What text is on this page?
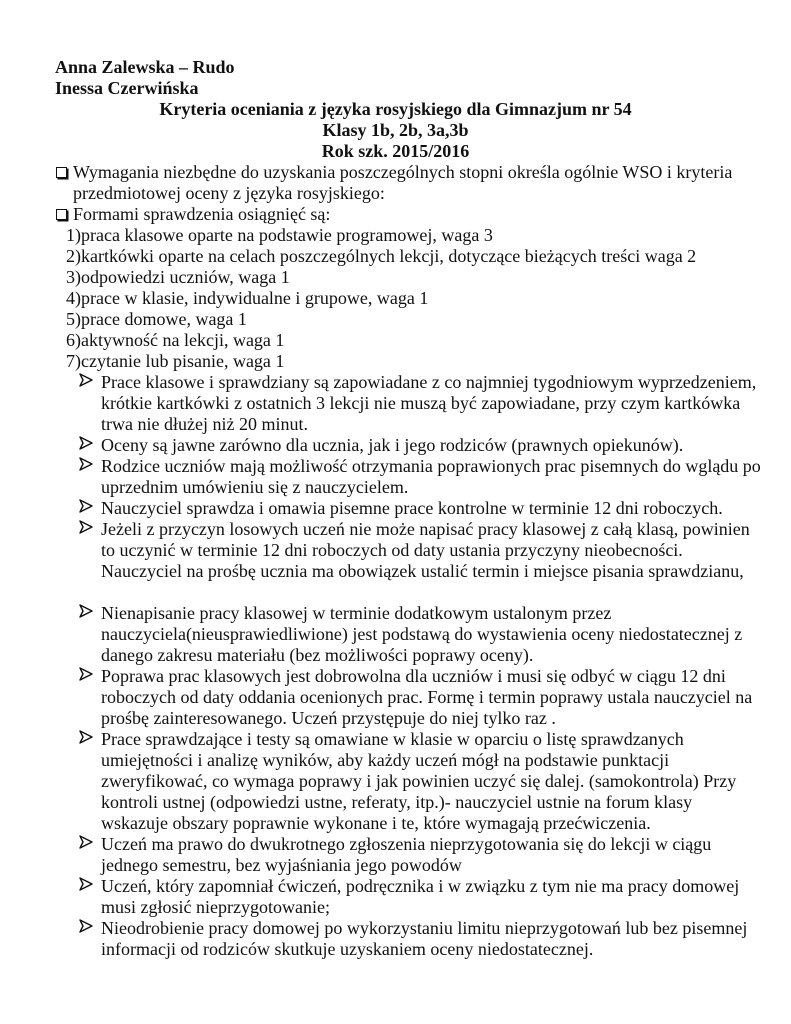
Anna Zalewska – Rudo
Inessa Czerwińska
Kryteria oceniania z języka rosyjskiego dla Gimnazjum nr 54
Klasy 1b, 2b, 3a,3b
Rok szk. 2015/2016
Wymagania niezbędne do uzyskania poszczególnych stopni określa ogólnie WSO i kryteria przedmiotowej oceny z języka rosyjskiego:
Formami sprawdzenia osiągnięć są:
1)praca klasowe oparte na podstawie programowej, waga 3
2)kartkówki oparte na celach poszczególnych lekcji, dotyczące bieżących treści waga 2
3)odpowiedzi uczniów, waga 1
4)prace w klasie, indywidualne i grupowe, waga 1
5)prace domowe, waga 1
6)aktywność na lekcji, waga 1
7)czytanie lub pisanie, waga 1
Prace klasowe i sprawdziany są zapowiadane z co najmniej tygodniowym wyprzedzeniem, krótkie kartkówki z ostatnich 3 lekcji nie muszą być zapowiadane, przy czym kartkówka trwa nie dłużej niż 20 minut.
Oceny są jawne zarówno dla ucznia, jak i jego rodziców (prawnych opiekunów).
Rodzice uczniów mają możliwość otrzymania poprawionych prac pisemnych do wglądu po uprzednim umówieniu się z nauczycielem.
Nauczyciel sprawdza i omawia pisemne prace kontrolne w terminie 12 dni roboczych.
Jeżeli z przyczyn losowych uczeń nie może napisać pracy klasowej z całą klasą, powinien to uczynić w terminie 12 dni roboczych od daty ustania przyczyny nieobecności. Nauczyciel na prośbę ucznia ma obowiązek ustalić termin i miejsce pisania sprawdzianu,
Nienapisanie pracy klasowej w terminie dodatkowym ustalonym przez nauczyciela(nieusprawiedliwione) jest podstawą do wystawienia oceny niedostatecznej z danego zakresu materiału (bez możliwości poprawy oceny).
Poprawa prac klasowych jest dobrowolna dla uczniów i musi się odbyć w ciągu 12 dni roboczych od daty oddania ocenionych prac. Formę i termin poprawy ustala nauczyciel na prośbę zainteresowanego. Uczeń przystępuje do niej tylko raz .
Prace sprawdzające i testy są omawiane w klasie w oparciu o listę sprawdzanych umiejętności i analizę wyników, aby każdy uczeń mógł na podstawie punktacji zweryfikować, co wymaga poprawy i jak powinien uczyć się dalej. (samokontrola) Przy kontroli ustnej (odpowiedzi ustne, referaty, itp.)- nauczyciel ustnie na forum klasy wskazuje obszary poprawnie wykonane i te, które wymagają przećwiczenia.
Uczeń ma prawo do dwukrotnego zgłoszenia nieprzygotowania się do lekcji w ciągu jednego semestru, bez wyjaśniania jego powodów
Uczeń, który zapomniał ćwiczeń, podręcznika i w związku z tym nie ma pracy domowej musi zgłosić nieprzygotowanie;
Nieodrobienie pracy domowej po wykorzystaniu limitu nieprzygotowań lub bez pisemnej informacji od rodziców skutkuje uzyskaniem oceny niedostatecznej.
